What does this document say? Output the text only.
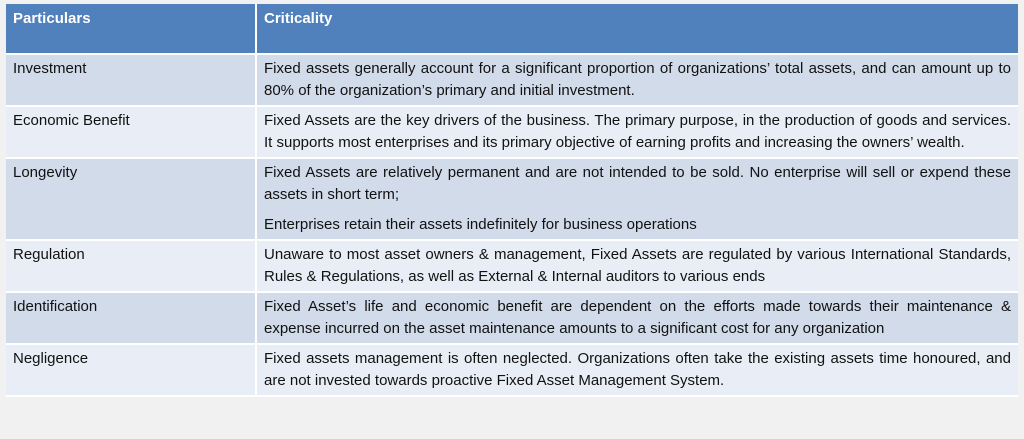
Particulars	Criticality
Investment	Fixed assets generally account for a significant proportion of organizations’ total assets, and can amount up to 80% of the organization’s primary and initial investment.

Economic Benefit	Fixed Assets are the key drivers of the business. The primary purpose, in the production of goods and services. It supports most enterprises and its primary objective of earning profits and increasing the owners’ wealth.

Longevity	Fixed Assets are relatively permanent and are not intended to be sold. No enterprise will sell or expend these assets in short term;

Enterprises retain their assets indefinitely for business operations

Regulation	Unaware to most asset owners & management, Fixed Assets are regulated by various International Standards, Rules & Regulations, as well as External & Internal auditors to various ends

Identification	Fixed Asset’s life and economic benefit are dependent on the efforts made towards their maintenance & expense incurred on the asset maintenance amounts to a significant cost for any organization

Negligence	Fixed assets management is often neglected. Organizations often take the existing assets time honoured, and are not invested towards proactive Fixed Asset Management System.
